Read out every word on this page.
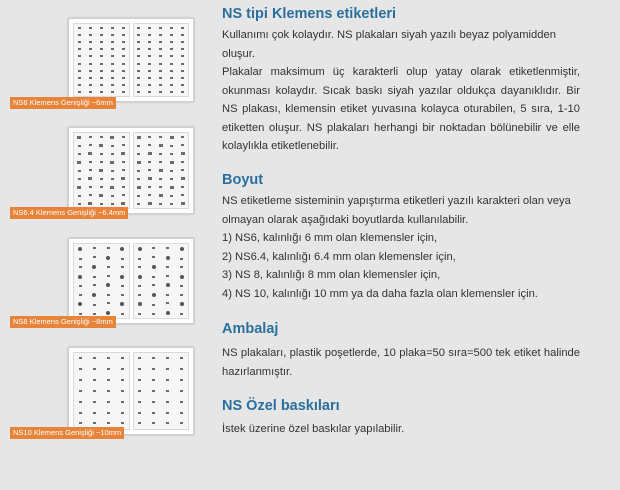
NS6 Klemens Genişliği ~6mm
NS6.4 Klemens Genişliği ~6.4mm
NS8 Klemens Genişliği ~8mm
NS10 Klemens Genişliği ~10mm
NS tipi Klemens etiketleri

Kullanımı çok kolaydır. NS plakaları siyah yazılı beyaz polyamidden oluşur.

Plakalar maksimum üç karakterli olup yatay olarak etiketlenmiştir, okunması kolaydır. Sıcak baskı siyah yazılar oldukça dayanıklıdır. Bir NS plakası, klemensin etiket yuvasına kolayca oturabilen, 5 sıra, 1-10 etiketten oluşur. NS plakaları herhangi bir noktadan bölünebilir ve elle kolaylıkla etiketlenebilir.

Boyut

NS etiketleme sisteminin yapıştırma etiketleri yazılı karakteri olan veya olmayan olarak aşağıdaki boyutlarda kullanılabilir.

1) NS6, kalınlığı 6 mm olan klemensler için,

2) NS6.4, kalınlığı 6.4 mm olan klemensler için,

3) NS 8, kalınlığı 8 mm olan klemensler için,

4) NS 10, kalınlığı 10 mm ya da daha fazla olan klemensler için.

Ambalaj

NS plakaları, plastik poşetlerde, 10 plaka=50 sıra=500 tek etiket halinde hazırlanmıştır.

NS Özel baskıları

İstek üzerine özel baskılar yapılabilir.
